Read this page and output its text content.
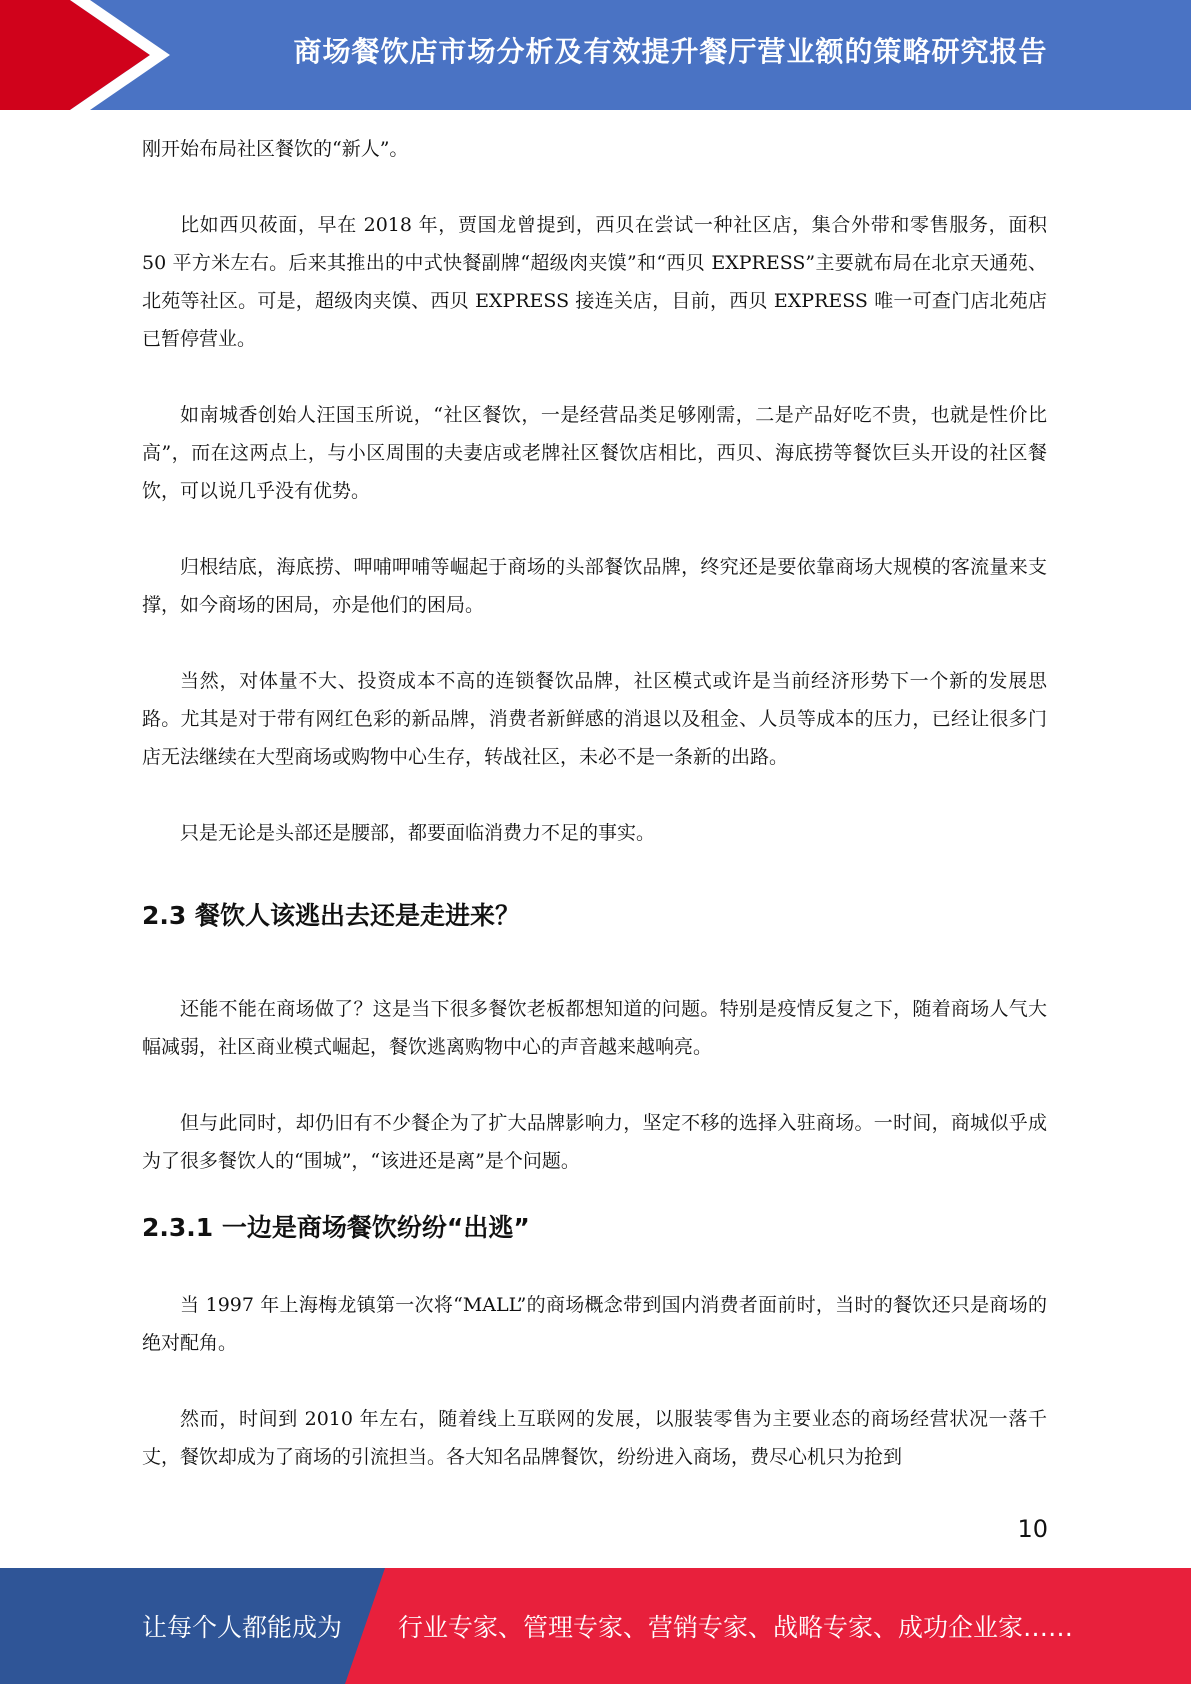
商场餐饮店市场分析及有效提升餐厅营业额的策略研究报告

刚开始布局社区餐饮的“新人”。

比如西贝莜面，早在 2018 年，贾国龙曾提到，西贝在尝试一种社区店，集合外带和零售服务，面积 50 平方米左右。后来其推出的中式快餐副牌“超级肉夹馍”和“西贝 EXPRESS”主要就布局在北京天通苑、北苑等社区。可是，超级肉夹馍、西贝 EXPRESS 接连关店，目前，西贝 EXPRESS 唯一可查门店北苑店已暂停营业。

如南城香创始人汪国玉所说，“社区餐饮，一是经营品类足够刚需，二是产品好吃不贵，也就是性价比高”，而在这两点上，与小区周围的夫妻店或老牌社区餐饮店相比，西贝、海底捞等餐饮巨头开设的社区餐饮，可以说几乎没有优势。

归根结底，海底捞、呷哺呷哺等崛起于商场的头部餐饮品牌，终究还是要依靠商场大规模的客流量来支撑，如今商场的困局，亦是他们的困局。

当然，对体量不大、投资成本不高的连锁餐饮品牌，社区模式或许是当前经济形势下一个新的发展思路。尤其是对于带有网红色彩的新品牌，消费者新鲜感的消退以及租金、人员等成本的压力，已经让很多门店无法继续在大型商场或购物中心生存，转战社区，未必不是一条新的出路。

只是无论是头部还是腰部，都要面临消费力不足的事实。

2.3 餐饮人该逃出去还是走进来？

还能不能在商场做了？这是当下很多餐饮老板都想知道的问题。特别是疫情反复之下，随着商场人气大幅减弱，社区商业模式崛起，餐饮逃离购物中心的声音越来越响亮。

但与此同时，却仍旧有不少餐企为了扩大品牌影响力，坚定不移的选择入驻商场。一时间，商城似乎成为了很多餐饮人的“围城”，“该进还是离”是个问题。

2.3.1 一边是商场餐饮纷纷“出逃”

当 1997 年上海梅龙镇第一次将“MALL”的商场概念带到国内消费者面前时，当时的餐饮还只是商场的绝对配角。

然而，时间到 2010 年左右，随着线上互联网的发展，以服装零售为主要业态的商场经营状况一落千丈，餐饮却成为了商场的引流担当。各大知名品牌餐饮，纷纷进入商场，费尽心机只为抢到

10
让每个人都能成为 行业专家、管理专家、营销专家、战略专家、成功企业家……
